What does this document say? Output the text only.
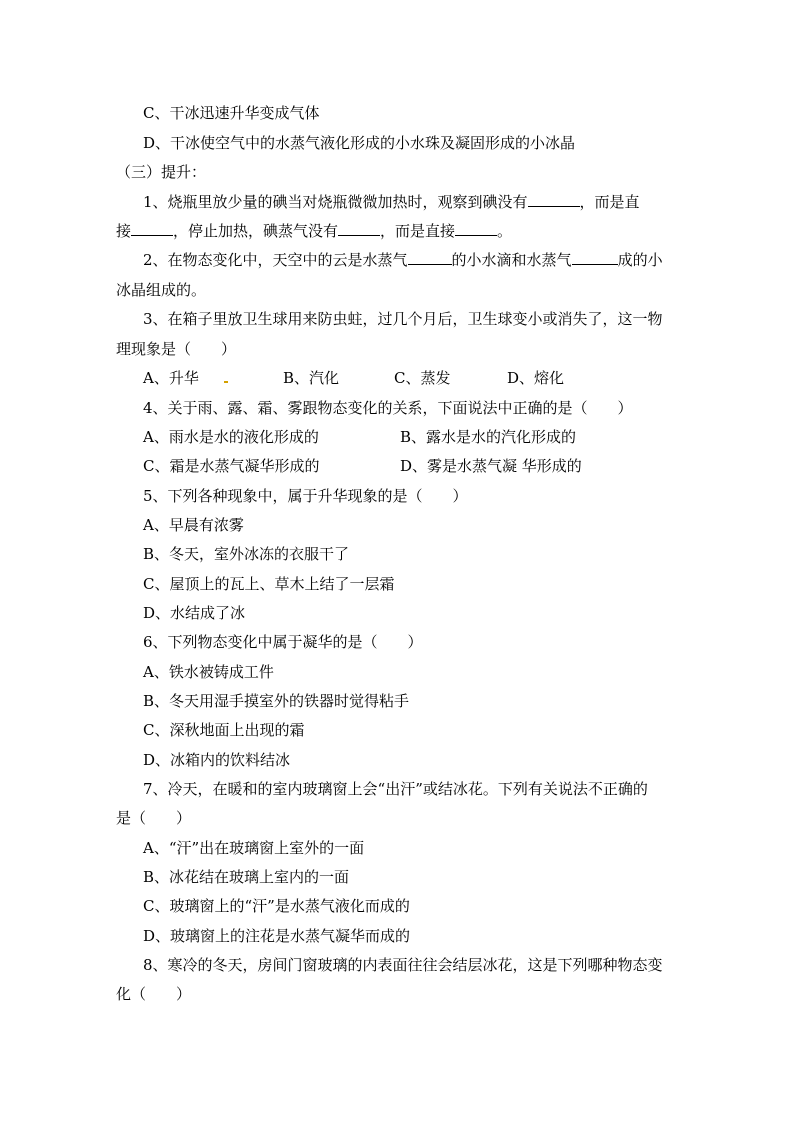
C、干冰迅速升华变成气体
D、干冰使空气中的水蒸气液化形成的小水珠及凝固形成的小冰晶
（三）提升：
1、烧瓶里放少量的碘当对烧瓶微微加热时，观察到碘没有	，而是直
接	，停止加热，碘蒸气没有	，而是直接	。
2、在物态变化中，天空中的云是水蒸气	的小水滴和水蒸气	成的小
冰晶组成的。
3、在箱子里放卫生球用来防虫蛀，过几个月后，卫生球变小或消失了，这一物
理现象是（　　）
A、升华	B、汽化	C、蒸发	D、熔化
4、关于雨、露、霜、雾跟物态变化的关系，下面说法中正确的是（　　）
A、雨水是水的液化形成的	B、露水是水的汽化形成的
C、霜是水蒸气凝华形成的	D、雾是水蒸气凝 华形成的
5、下列各种现象中，属于升华现象的是（　　）
A、早晨有浓雾
B、冬天，室外冰冻的衣服干了
C、屋顶上的瓦上、草木上结了一层霜
D、水结成了冰
6、下列物态变化中属于凝华的是（　　）
A、铁水被铸成工件
B、冬天用湿手摸室外的铁器时觉得粘手
C、深秋地面上出现的霜
D、冰箱内的饮料结冰
7、冷天，在暖和的室内玻璃窗上会“出汗”或结冰花。下列有关说法不正确的
是（　　）
A、“汗”出在玻璃窗上室外的一面
B、冰花结在玻璃上室内的一面
C、玻璃窗上的“汗”是水蒸气液化而成的
D、玻璃窗上的注花是水蒸气凝华而成的
8、寒冷的冬天，房间门窗玻璃的内表面往往会结层冰花，这是下列哪种物态变
化（　　）
